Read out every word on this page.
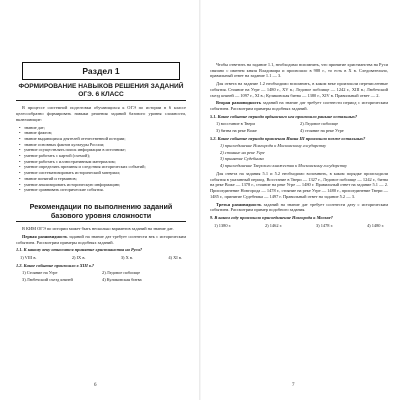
Раздел 1
ФОРМИРОВАНИЕ НАВЫКОВ РЕШЕНИЯ ЗАДАНИЙ ОГЭ. 6 КЛАСС

В процессе системной подготовки обучающихся к ОГЭ по истории в 6 классе целесообразно формировать навыки решения заданий базового уровня сложности, включающие:

• знание дат;
• знание фактов;
• знание выдающихся деятелей отечественной истории;
• знание основных фактов культуры России;
• умение осуществлять поиск информации в источнике;
• умение работать с картой (схемой);
• умение работать с иллюстративным материалом;
• умение определять причины и следствия исторических событий;
• умение систематизировать исторический материал;
• знание понятий и терминов;
• умение анализировать историческую информацию;
• умение сравнивать исторические события.
Рекомендации по выполнению заданий базового уровня сложности

В КИМ ОГЭ по истории может быть несколько вариантов заданий на знание дат.

Первая разновидность заданий на знание дат требует соотнести век с историческим событием. Рассмотрим примеры подобных заданий.

1.1. К какому веку относится принятие христианства на Руси?
1) VIII в.	2) IX в.	3) X в.	4) XI в.
1.2. Какое событие произошло в XIII в.?
1) Стояние на Угре	2) Ледовое побоище
3) Любечский съезд князей	4) Куликовская битва
6

Чтобы ответить на задание 1.1, необходимо вспомнить, что принятие христианства на Руси связано с именем князя Владимира и произошло в 988 г., то есть в X в. Следовательно, правильный ответ на задание 1.1 — 3.

Для ответа на задание 1.2 необходимо вспомнить, в каком веке произошли перечисленные события. Стояние на Угре — 1480 г., XV в.; Ледовое побоище — 1242 г., XIII в.; Любечский съезд князей — 1097 г., XI в.; Куликовская битва — 1380 г., XIV в. Правильный ответ — 2.

Вторая разновидность заданий на знание дат требует соотнести период с историческим событием. Рассмотрим примеры подобных заданий.

5.1. Какое событие периода ордынского ига произошло раньше остальных?
1) восстание в Твери	2) Ледовое побоище
3) битва на реке Воже	4) стояние на реке Угре
5.2. Какое событие периода правления Ивана III произошло позже остальных?
1) присоединение Новгорода к Московскому государству
2) стояние на реке Угре
3) принятие Судебника
4) присоединение Тверского княжества к Московскому государству

Для ответа на задания 5.1 и 5.2 необходимо вспомнить, в каком порядке происходили события в указанный период. Восстание в Твери — 1327 г., Ледовое побоище — 1242 г., битва на реке Воже — 1378 г., стояние на реке Угре — 1480 г. Правильный ответ на задание 5.1 — 2. Присоединение Новгорода — 1478 г., стояние на реке Угре — 1480 г., присоединение Твери — 1485 г., принятие Судебника — 1497 г. Правильный ответ на задание 5.2 — 3.

Третья разновидность заданий на знание дат требует соотнести дату с историческим событием. Рассмотрим пример подобного задания.

9. В каком году произошло присоединение Новгорода к Москве?
1) 1380 г.	2) 1462 г.	3) 1478 г.	4) 1480 г.
7
